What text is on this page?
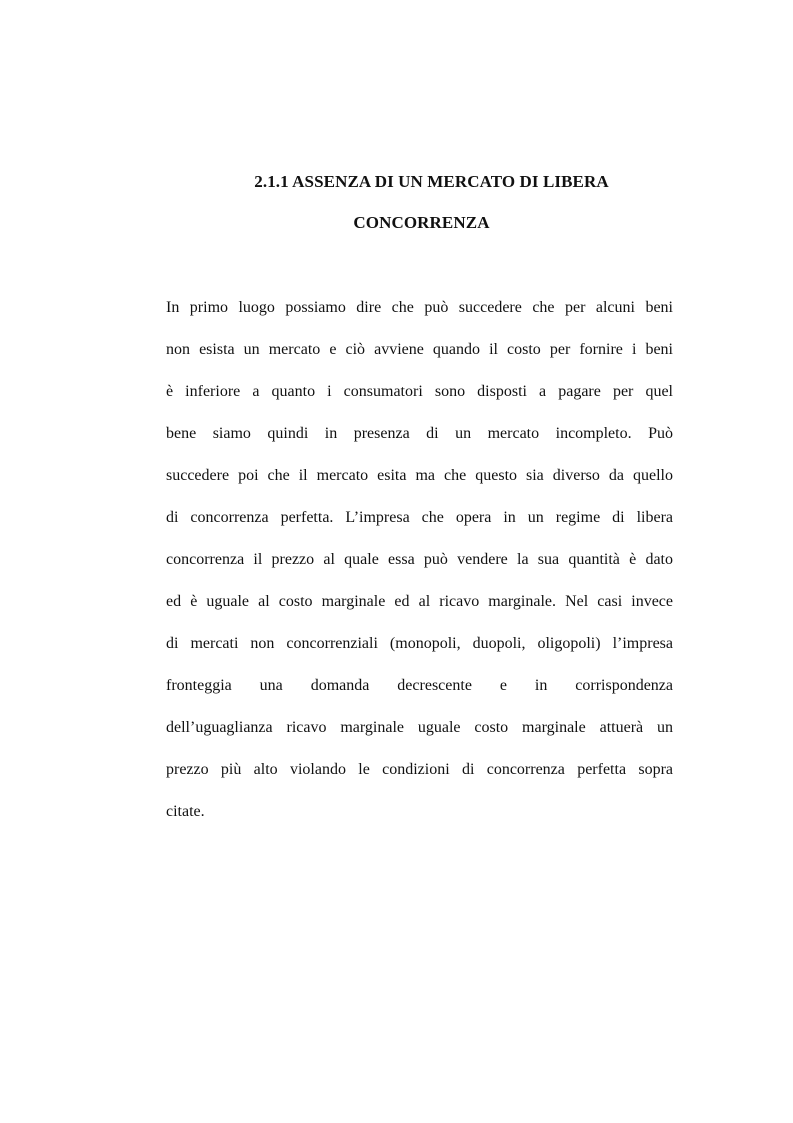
2.1.1 ASSENZA DI UN MERCATO DI LIBERA
CONCORRENZA
In primo luogo possiamo dire che può succedere che per alcuni beni
non esista un mercato e ciò avviene quando il costo per fornire i beni
è inferiore a quanto i consumatori sono disposti a pagare per quel
bene siamo quindi in presenza di un mercato incompleto. Può
succedere poi che il mercato esita ma che questo sia diverso da quello
di concorrenza perfetta. L’impresa che opera in un regime di libera
concorrenza il prezzo al quale essa può vendere la sua quantità è dato
ed è uguale al costo marginale ed al ricavo marginale. Nel casi invece
di mercati non concorrenziali (monopoli, duopoli, oligopoli) l’impresa
fronteggia una domanda decrescente e in corrispondenza
dell’uguaglianza ricavo marginale uguale costo marginale attuerà un
prezzo più alto violando le condizioni di concorrenza perfetta sopra
citate.
